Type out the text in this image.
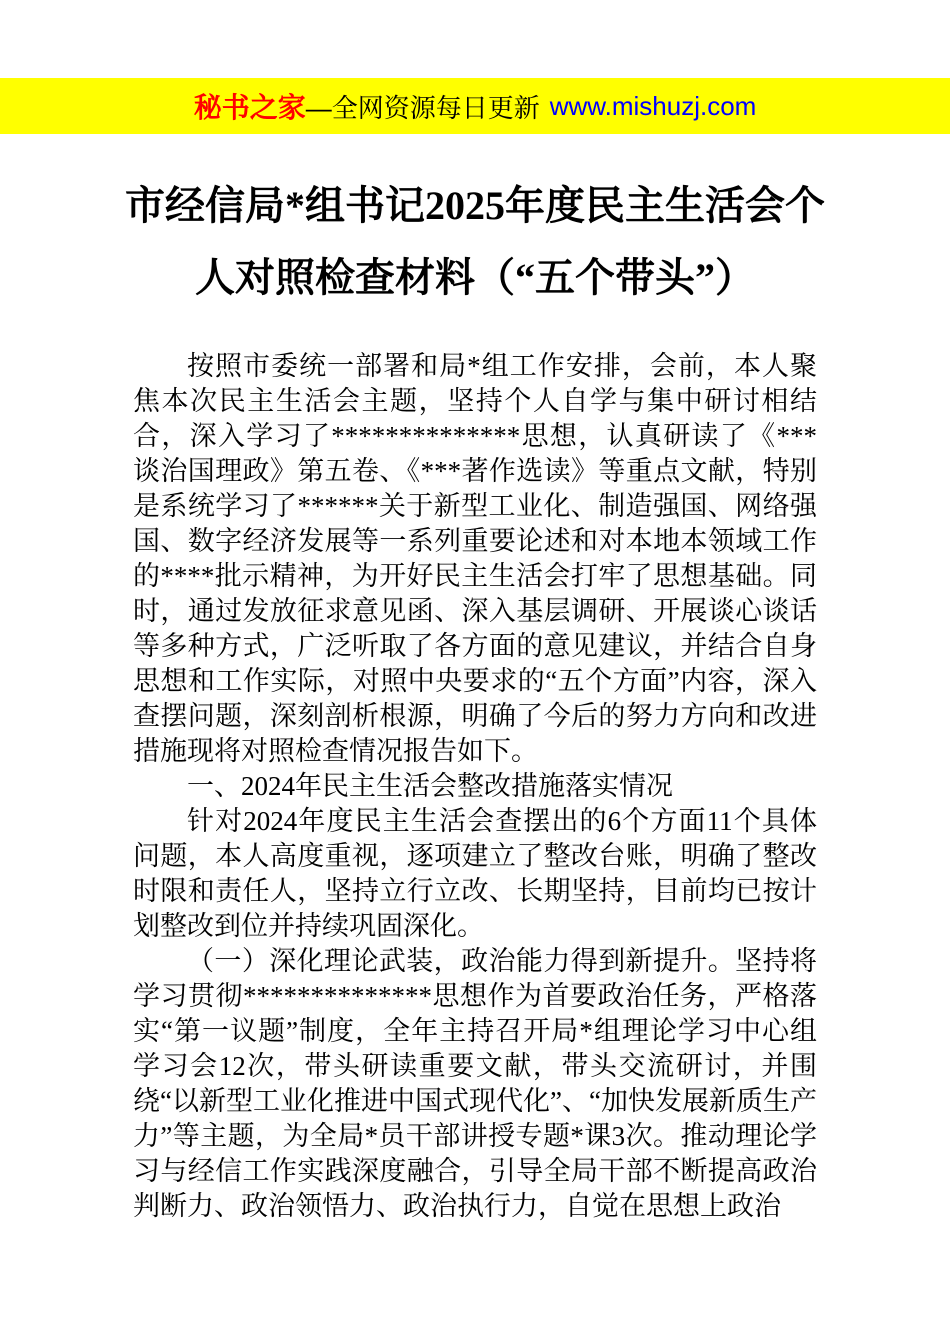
秘书之家 —全网资源每日更新 www.mishuzj.com
市经信局*组书记2025年度民主生活会个
人对照检查材料（“五个带头”）

按照市委统一部署和局*组工作安排，会前，本人聚焦本次民主生活会主题，坚持个人自学与集中研讨相结合，深入学习了**************思想，认真研读了《***谈治国理政》第五卷、《***著作选读》等重点文献，特别是系统学习了******关于新型工业化、制造强国、网络强国、数字经济发展等一系列重要论述和对本地本领域工作的****批示精神，为开好民主生活会打牢了思想基础。同时，通过发放征求意见函、深入基层调研、开展谈心谈话等多种方式，广泛听取了各方面的意见建议，并结合自身思想和工作实际，对照中央要求的“五个方面”内容，深入查摆问题，深刻剖析根源，明确了今后的努力方向和改进措施现将对照检查情况报告如下。

一、2024年民主生活会整改措施落实情况

针对2024年度民主生活会查摆出的6个方面11个具体问题，本人高度重视，逐项建立了整改台账，明确了整改时限和责任人，坚持立行立改、长期坚持，目前均已按计划整改到位并持续巩固深化。

（一）深化理论武装，政治能力得到新提升。坚持将学习贯彻**************思想作为首要政治任务，严格落实“第一议题”制度，全年主持召开局*组理论学习中心组学习会12次，带头研读重要文献，带头交流研讨，并围绕“以新型工业化推进中国式现代化”、“加快发展新质生产力”等主题，为全局*员干部讲授专题*课3次。推动理论学习与经信工作实践深度融合，引导全局干部不断提高政治判断力、政治领悟力、政治执行力，自觉在思想上政治
